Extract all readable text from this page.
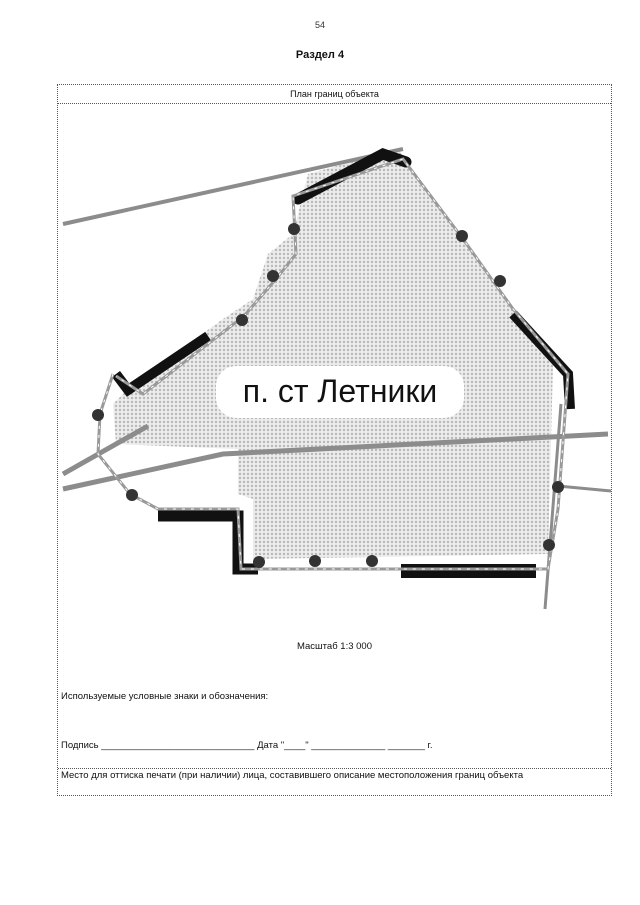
54
Раздел 4
План границ объекта
п. ст Летники
Масштаб 1:3 000
Используемые условные знаки и обозначения:
Подпись _____________________________ Дата "____" ______________ _______ г.
Место для оттиска печати (при наличии) лица, составившего описание местоположения границ объекта
